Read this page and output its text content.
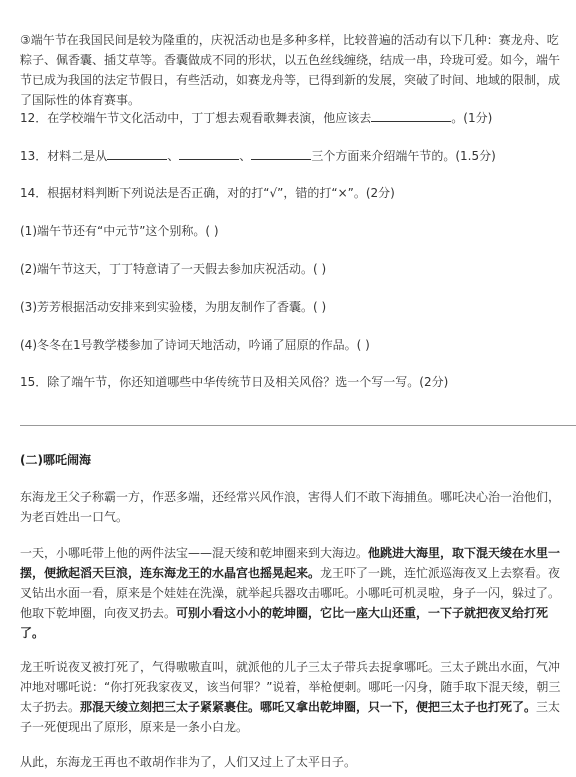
③端午节在我国民间是较为隆重的，庆祝活动也是多种多样，比较普遍的活动有以下几种：赛龙舟、吃
粽子、佩香囊、插艾草等。香囊做成不同的形状，以五色丝线缠绕，结成一串，玲珑可爱。如今，端午
节已成为我国的法定节假日，有些活动，如赛龙舟等，已得到新的发展，突破了时间、地域的限制，成
了国际性的体育赛事。
12．在学校端午节文化活动中，丁丁想去观看歌舞表演，他应该去	。(1分)
13．材料二是从	、	、	三个方面来介绍端午节的。(1.5分)
14．根据材料判断下列说法是否正确，对的打“√”，错的打“×”。(2分)
(1)端午节还有“中元节”这个别称。( )
(2)端午节这天，丁丁特意请了一天假去参加庆祝活动。( )
(3)芳芳根据活动安排来到实验楼，为朋友制作了香囊。( )
(4)冬冬在1号教学楼参加了诗词天地活动，吟诵了屈原的作品。( )
15．除了端午节，你还知道哪些中华传统节日及相关风俗？选一个写一写。(2分)
(二)哪吒闹海
东海龙王父子称霸一方，作恶多端，还经常兴风作浪，害得人们不敢下海捕鱼。哪吒决心治一治他们，
为老百姓出一口气。
一天，小哪吒带上他的两件法宝——混天绫和乾坤圈来到大海边。他跳进大海里，取下混天绫在水里一
摆，便掀起滔天巨浪，连东海龙王的水晶宫也摇晃起来。龙王吓了一跳，连忙派巡海夜叉上去察看。夜
叉钻出水面一看，原来是个娃娃在洗澡，就举起兵器攻击哪吒。小哪吒可机灵啦，身子一闪，躲过了。
他取下乾坤圈，向夜叉扔去。可别小看这小小的乾坤圈，它比一座大山还重，一下子就把夜叉给打死
了。
龙王听说夜叉被打死了，气得嗷嗷直叫，就派他的儿子三太子带兵去捉拿哪吒。三太子跳出水面，气冲
冲地对哪吒说：“你打死我家夜叉，该当何罪？”说着，举枪便刺。哪吒一闪身，随手取下混天绫，朝三
太子扔去。那混天绫立刻把三太子紧紧裹住。哪吒又拿出乾坤圈，只一下，便把三太子也打死了。三太
子一死便现出了原形，原来是一条小白龙。
从此，东海龙王再也不敢胡作非为了，人们又过上了太平日子。
